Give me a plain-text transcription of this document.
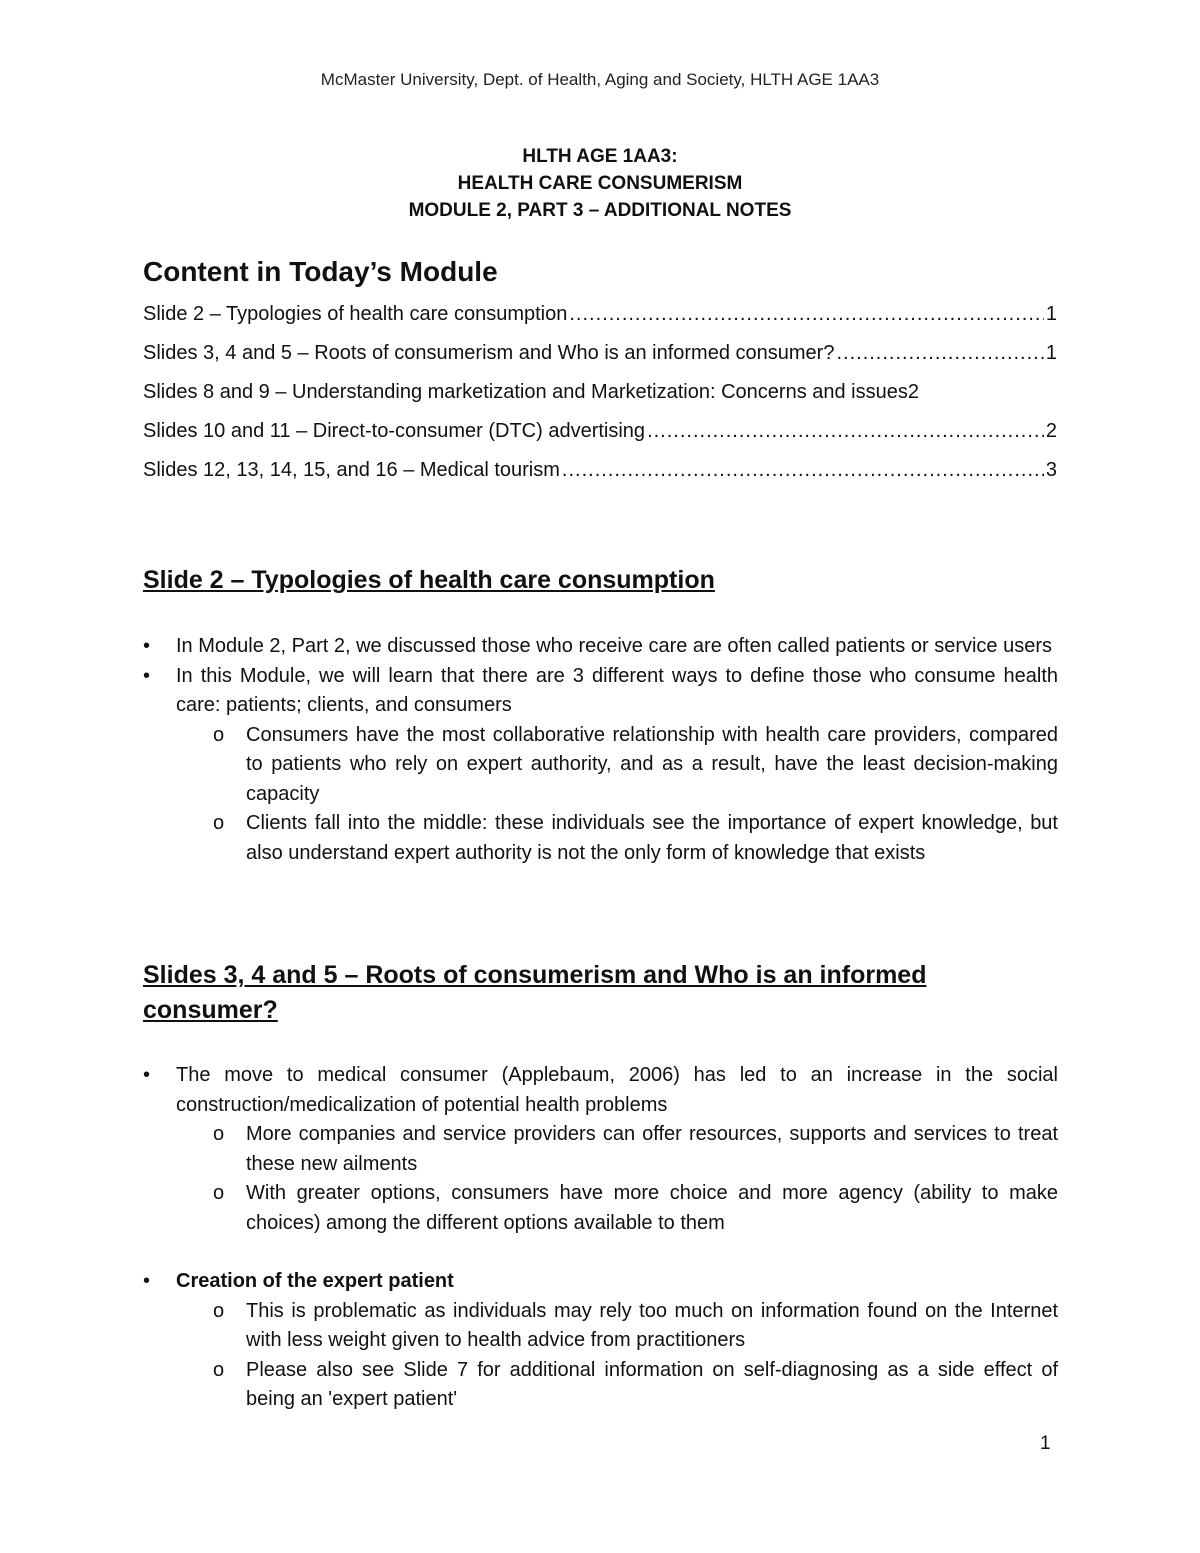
McMaster University, Dept. of Health, Aging and Society, HLTH AGE 1AA3
HLTH AGE 1AA3:
HEALTH CARE CONSUMERISM
MODULE 2, PART 3 – ADDITIONAL NOTES
Content in Today’s Module
Slide 2 – Typologies of health care consumption .....	1
Slides 3, 4 and 5 – Roots of consumerism and Who is an informed consumer? .....	1
Slides 8 and 9 – Understanding marketization and Marketization: Concerns and issues 2
Slides 10 and 11 – Direct-to-consumer (DTC) advertising .....	2
Slides 12, 13, 14, 15, and 16 – Medical tourism .....	3
Slide 2 – Typologies of health care consumption
• In Module 2, Part 2, we discussed those who receive care are often called patients or service users
• In this Module, we will learn that there are 3 different ways to define those who consume health care: patients; clients, and consumers
o Consumers have the most collaborative relationship with health care providers, compared to patients who rely on expert authority, and as a result, have the least decision-making capacity
o Clients fall into the middle: these individuals see the importance of expert knowledge, but also understand expert authority is not the only form of knowledge that exists
Slides 3, 4 and 5 – Roots of consumerism and Who is an informed consumer?
• The move to medical consumer (Applebaum, 2006) has led to an increase in the social construction/medicalization of potential health problems
o More companies and service providers can offer resources, supports and services to treat these new ailments
o With greater options, consumers have more choice and more agency (ability to make choices) among the different options available to them
• Creation of the expert patient
o This is problematic as individuals may rely too much on information found on the Internet with less weight given to health advice from practitioners
o Please also see Slide 7 for additional information on self-diagnosing as a side effect of being an 'expert patient'
1
